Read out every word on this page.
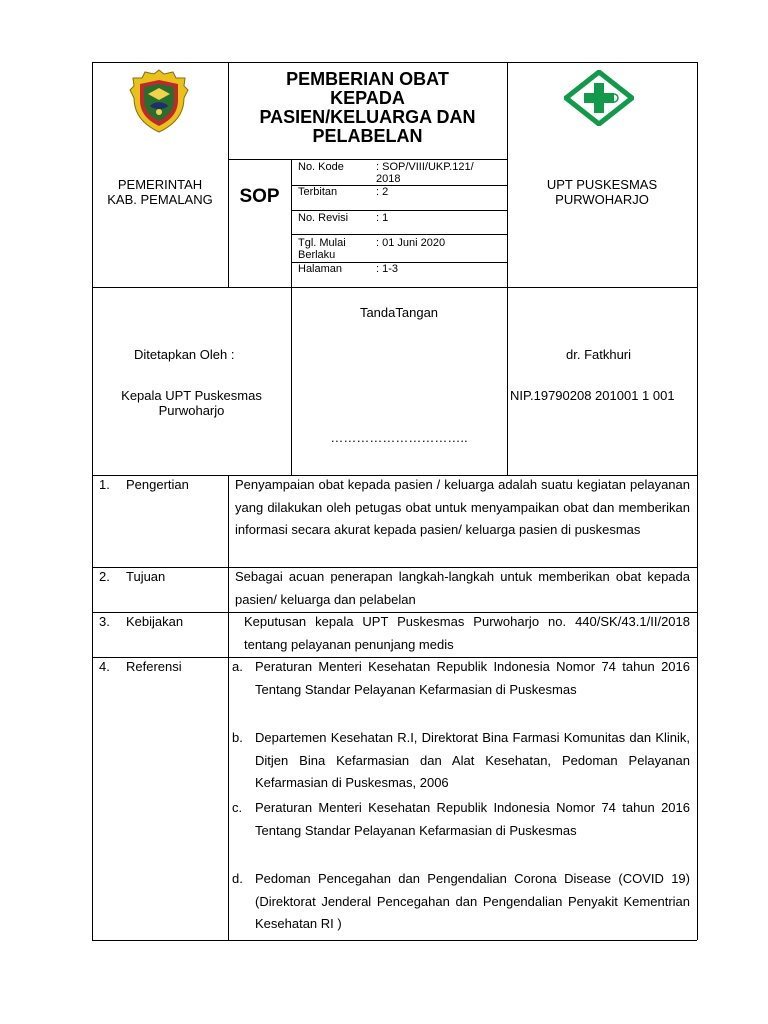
PEMERINTAH
KAB. PEMALANG
PEMBERIAN OBAT
KEPADA
PASIEN/KELUARGA DAN
PELABELAN
SOP
No. Kode	: SOP/VIII/UKP.121/
2018
Terbitan	: 2
No. Revisi	: 1
Tgl. Mulai
Berlaku
: 01 Juni 2020
Halaman	: 1-3
UPT PUSKESMAS
PURWOHARJO
Ditetapkan Oleh :
Kepala UPT Puskesmas
Purwoharjo
TandaTangan
…………………………..
dr. Fatkhuri
NIP.19790208 201001 1 001
1.	Pengertian	Penyampaian obat kepada pasien / keluarga adalah suatu kegiatan pelayanan yang dilakukan oleh petugas obat untuk menyampaikan obat dan memberikan informasi secara akurat kepada pasien/ keluarga pasien di puskesmas
2.	Tujuan	Sebagai acuan penerapan langkah-langkah untuk memberikan obat kepada pasien/ keluarga dan pelabelan
3.	Kebijakan	Keputusan kepala UPT Puskesmas Purwoharjo no. 440/SK/43.1/II/2018 tentang pelayanan penunjang medis
4.	Referensi	a. Peraturan Menteri Kesehatan Republik Indonesia Nomor 74 tahun 2016 Tentang Standar Pelayanan Kefarmasian di Puskesmas
b. Departemen Kesehatan R.I, Direktorat Bina Farmasi Komunitas dan Klinik, Ditjen Bina Kefarmasian dan Alat Kesehatan, Pedoman Pelayanan Kefarmasian di Puskesmas, 2006
c. Peraturan Menteri Kesehatan Republik Indonesia Nomor 74 tahun 2016 Tentang Standar Pelayanan Kefarmasian di Puskesmas
d. Pedoman Pencegahan dan Pengendalian Corona Disease (COVID 19) (Direktorat Jenderal Pencegahan dan Pengendalian Penyakit Kementrian Kesehatan RI )
